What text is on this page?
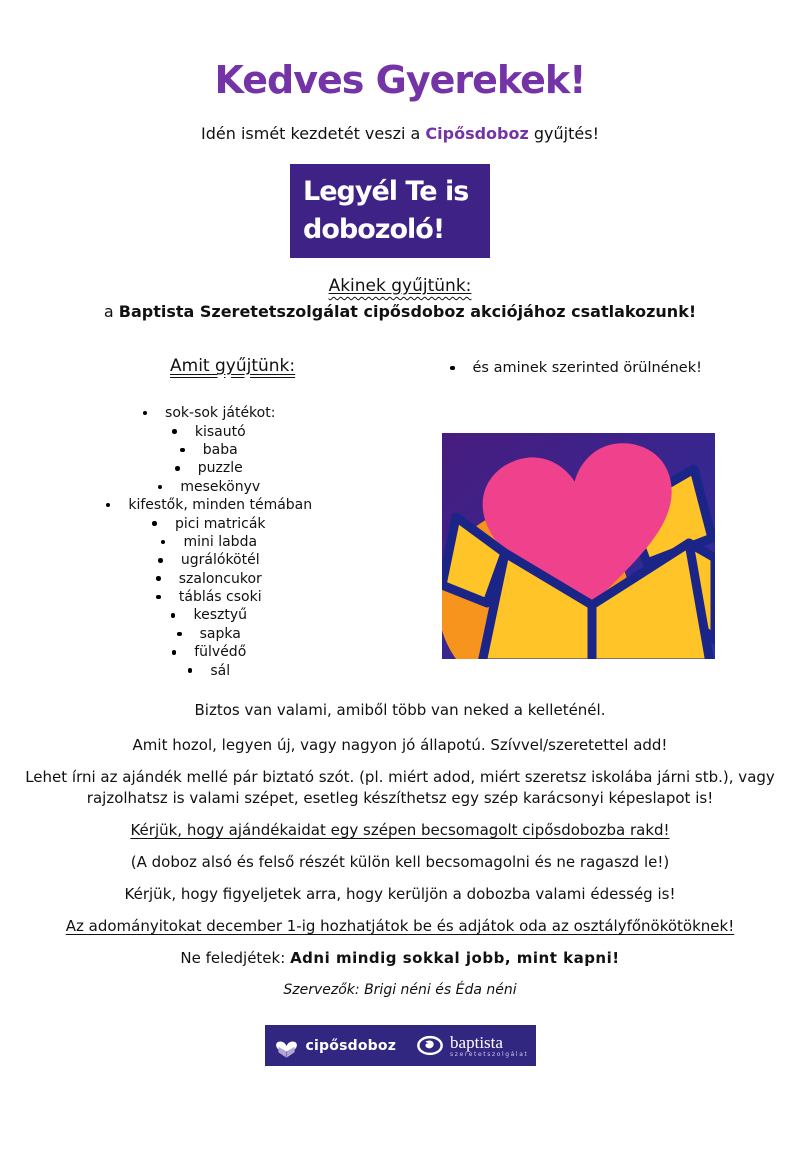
Kedves Gyerekek!
Idén ismét kezdetét veszi a Cipősdoboz gyűjtés!
Legyél Te is
dobozoló!
Akinek gyűjtünk:
a Baptista Szeretetszolgálat cipősdoboz akciójához csatlakozunk!
Amit gyűjtünk:	és aminek szerinted örülnének!
sok-sok játékot:
kisautó
baba
puzzle
mesekönyv
kifestők, minden témában
pici matricák
mini labda
ugrálókötél
szaloncukor
táblás csoki
kesztyű
sapka
fülvédő
sál

Biztos van valami, amiből több van neked a kelleténél.

Amit hozol, legyen új, vagy nagyon jó állapotú. Szívvel/szeretettel add!

Lehet írni az ajándék mellé pár biztató szót. (pl. miért adod, miért szeretsz iskolába járni stb.), vagy rajzolhatsz is valami szépet, esetleg készíthetsz egy szép karácsonyi képeslapot is!

Kérjük, hogy ajándékaidat egy szépen becsomagolt cipősdobozba rakd!

(A doboz alsó és felső részét külön kell becsomagolni és ne ragaszd le!)

Kérjük, hogy figyeljetek arra, hogy kerüljön a dobozba valami édesség is!

Az adományitokat december 1-ig hozhatjátok be és adjátok oda az osztályfőnökötöknek!

Ne feledjétek: Adni mindig sokkal jobb, mint kapni!

Szervezők: Brigi néni és Éda néni

cipősdoboz	baptista
szeretetszolgálat
